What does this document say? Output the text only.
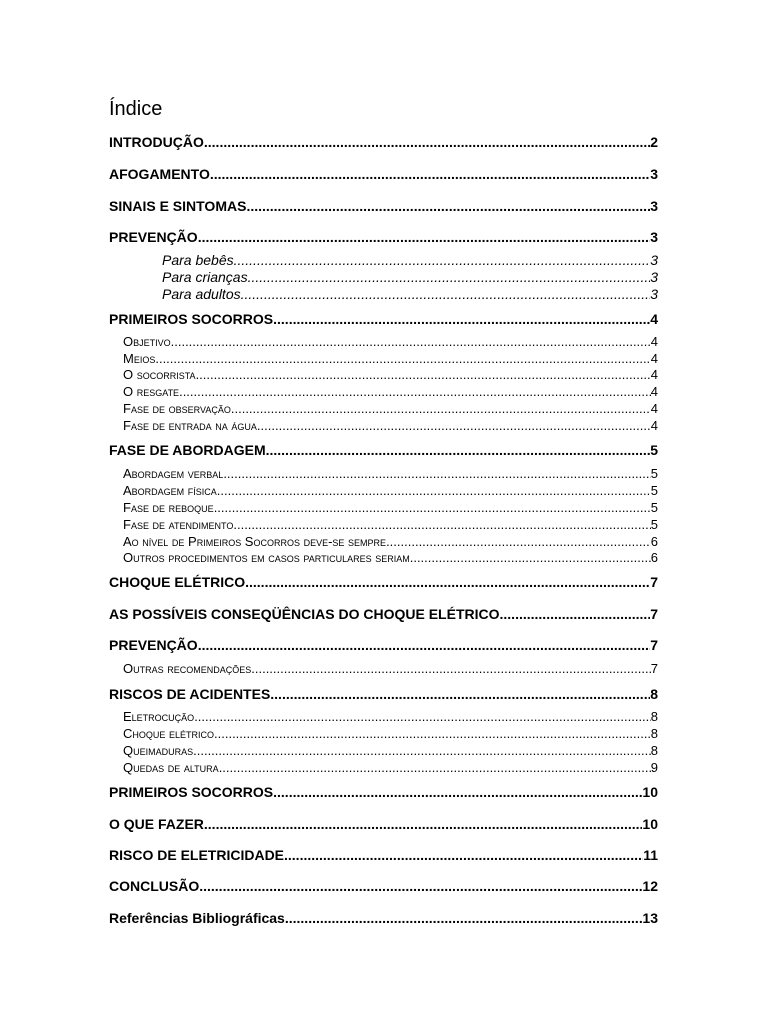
Índice
INTRODUÇÃO .....	2
AFOGAMENTO .....	3
SINAIS E SINTOMAS .....	3
PREVENÇÃO .....	3
Para bebês .....	3
Para crianças .....	3
Para adultos .....	3
PRIMEIROS SOCORROS .....	4
Objetivo .....	4
Meios .....	4
O socorrista .....	4
O resgate .....	4
Fase de observação .....	4
Fase de entrada na água .....	4
FASE DE ABORDAGEM .....	5
Abordagem verbal .....	5
Abordagem física .....	5
Fase de reboque .....	5
Fase de atendimento .....	5
Ao nível de Primeiros Socorros deve-se sempre .....	6
Outros procedimentos em casos particulares seriam .....	6
CHOQUE ELÉTRICO .....	7
AS POSSÍVEIS CONSEQÜÊNCIAS DO CHOQUE ELÉTRICO .....	7
PREVENÇÃO .....	7
Outras recomendações .....	7
RISCOS DE ACIDENTES .....	8
Eletrocução .....	8
Choque elétrico .....	8
Queimaduras .....	8
Quedas de altura .....	9
PRIMEIROS SOCORROS .....	10
O QUE FAZER .....	10
RISCO DE ELETRICIDADE .....	11
CONCLUSÃO .....	12
Referências Bibliográficas .....	13
